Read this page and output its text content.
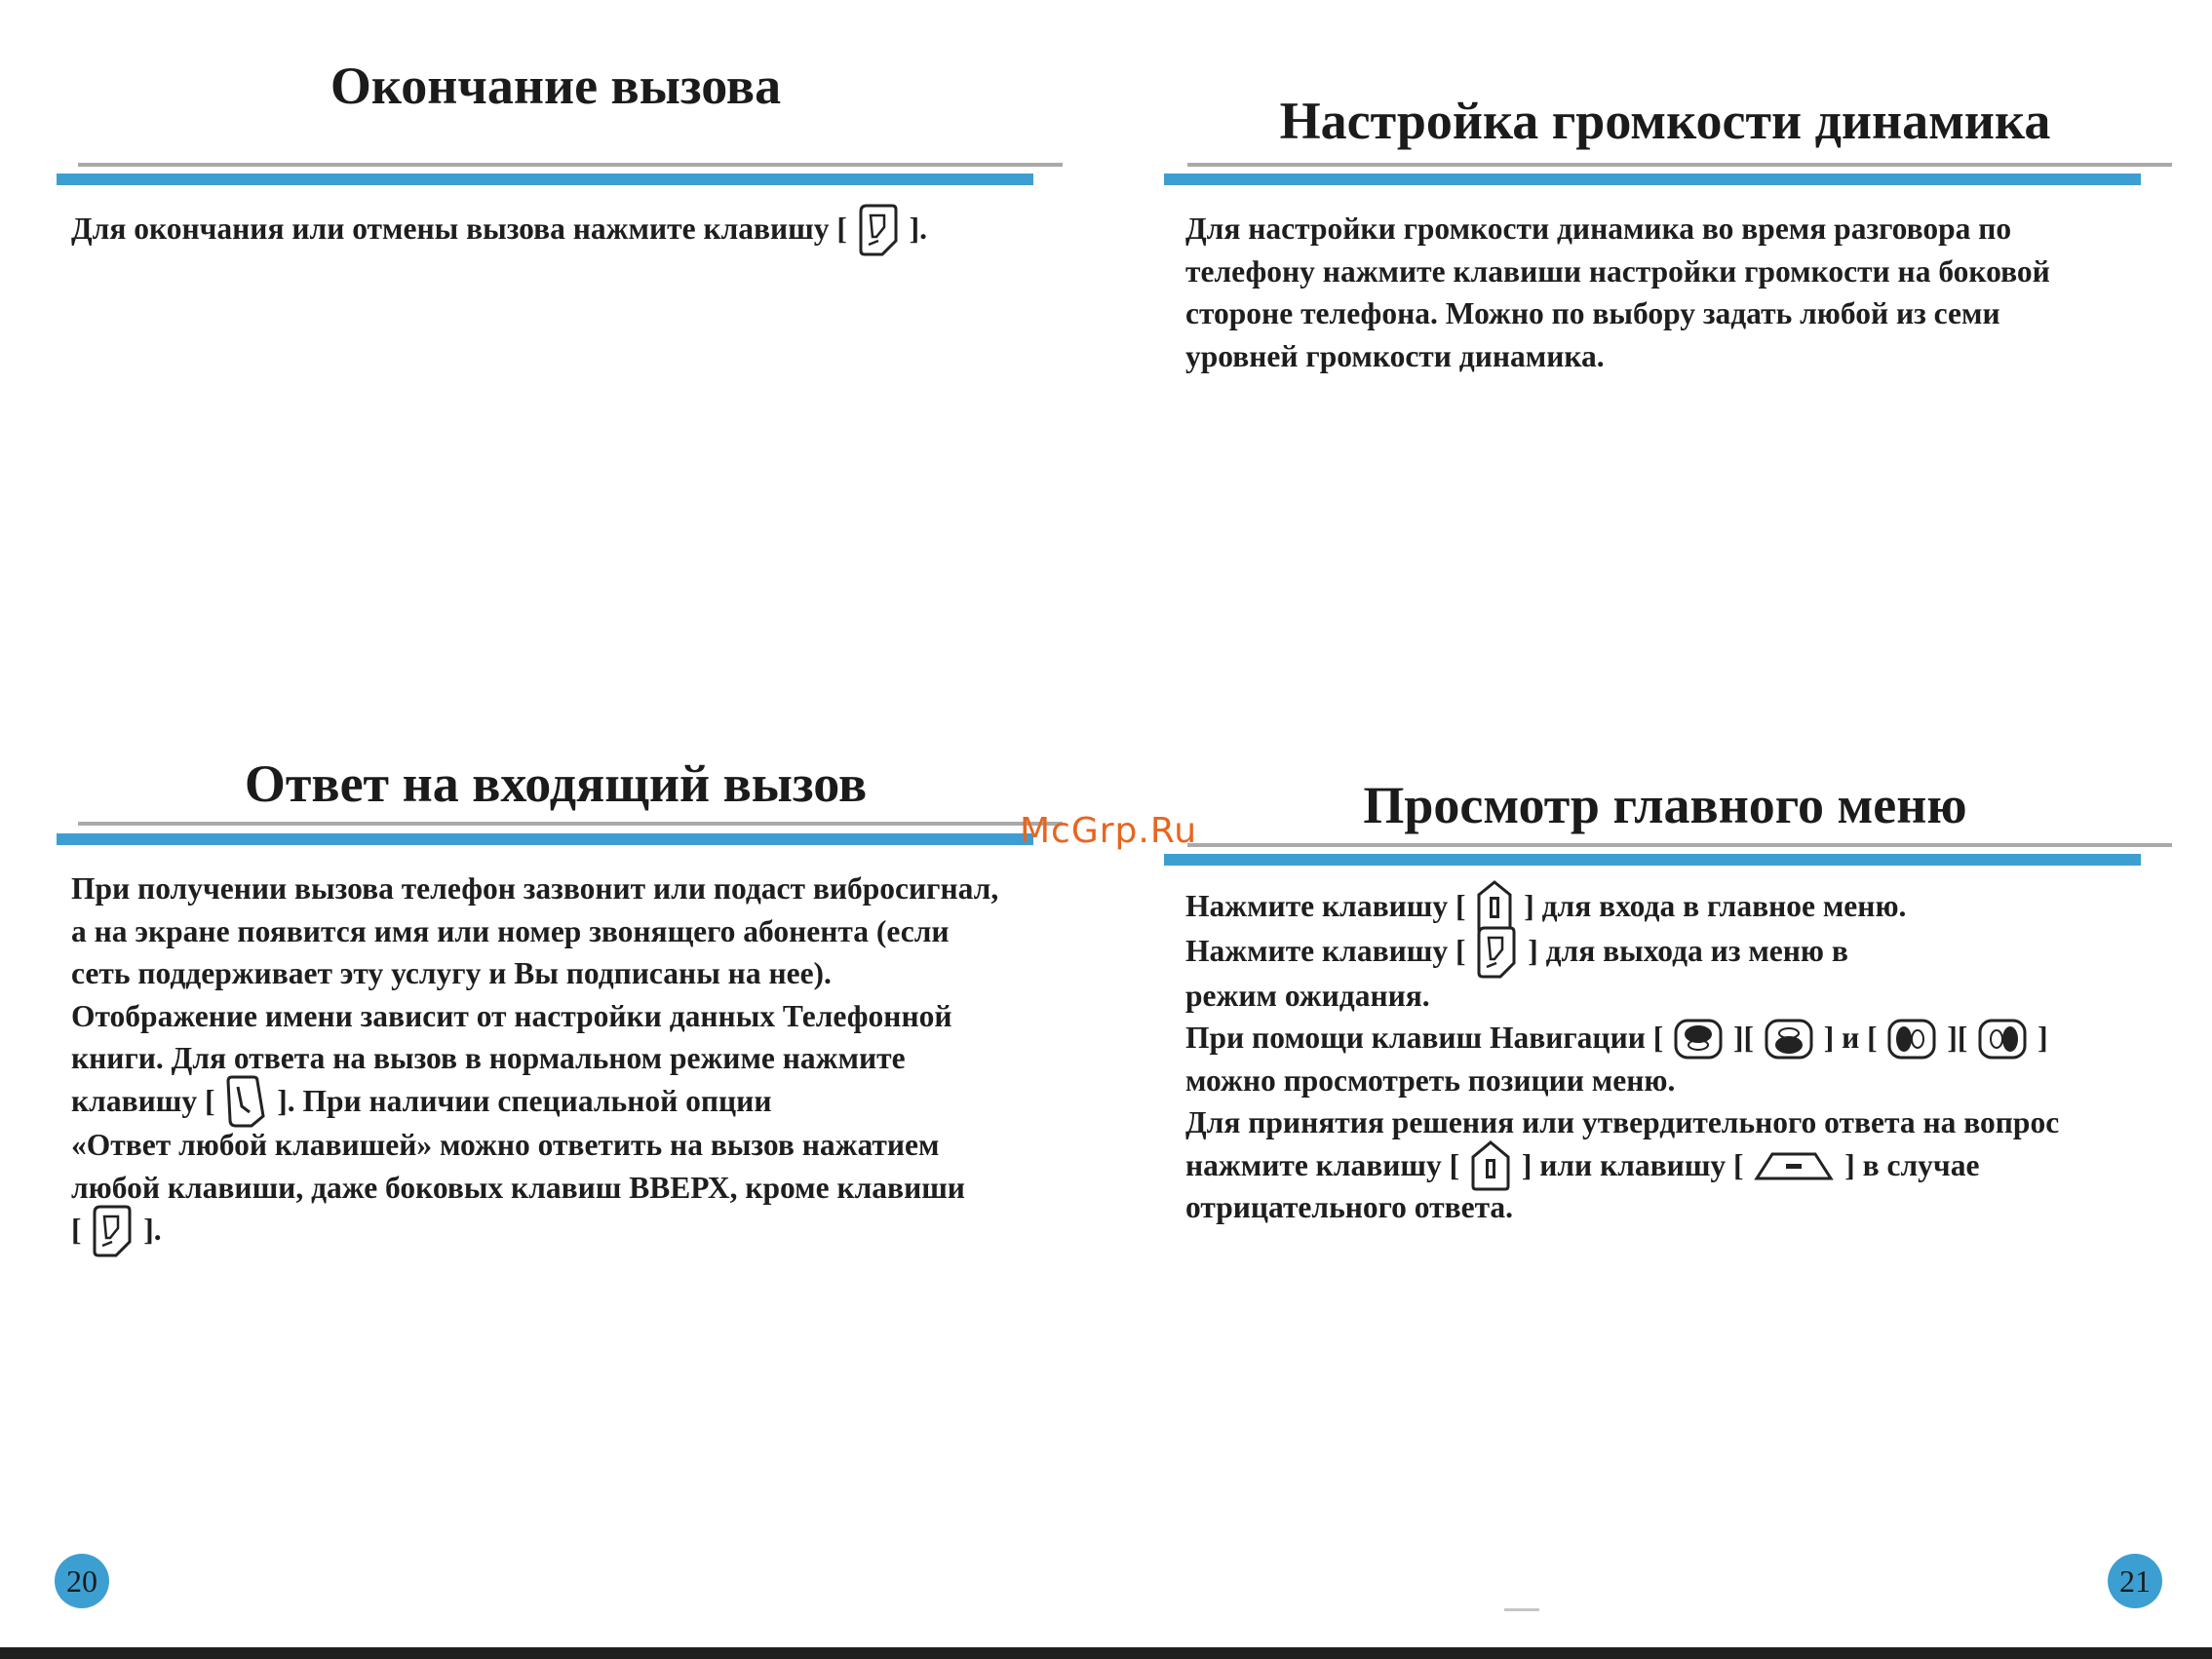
Окончание вызова
Для окончания или отмены вызова нажмите клавишу [ ].
Настройка громкости динамика
Для настройки громкости динамика во время разговора по
телефону нажмите клавиши настройки громкости на боковой
стороне телефона. Можно по выбору задать любой из семи
уровней громкости динамика.
Ответ на входящий вызов
При получении вызова телефон зазвонит или подаст вибросигнал,
а на экране появится имя или номер звонящего абонента (если
сеть поддерживает эту услугу и Вы подписаны на нее).
Отображение имени зависит от настройки данных Телефонной
книги. Для ответа на вызов в нормальном режиме нажмите
клавишу [ ]. При наличии специальной опции
«Ответ любой клавишей» можно ответить на вызов нажатием
любой клавиши, даже боковых клавиш ВВЕРХ, кроме клавиши
[ ].
Просмотр главного меню
Нажмите клавишу [ ] для входа в главное меню.
Нажмите клавишу [ ] для выхода из меню в
режим ожидания.
При помощи клавиш Навигации [ ][ ] и [ ][ ]
можно просмотреть позиции меню.
Для принятия решения или утвердительного ответа на вопрос
нажмите клавишу [ ] или клавишу [	] в случае
отрицательного ответа.
McGrp.Ru
20	21
